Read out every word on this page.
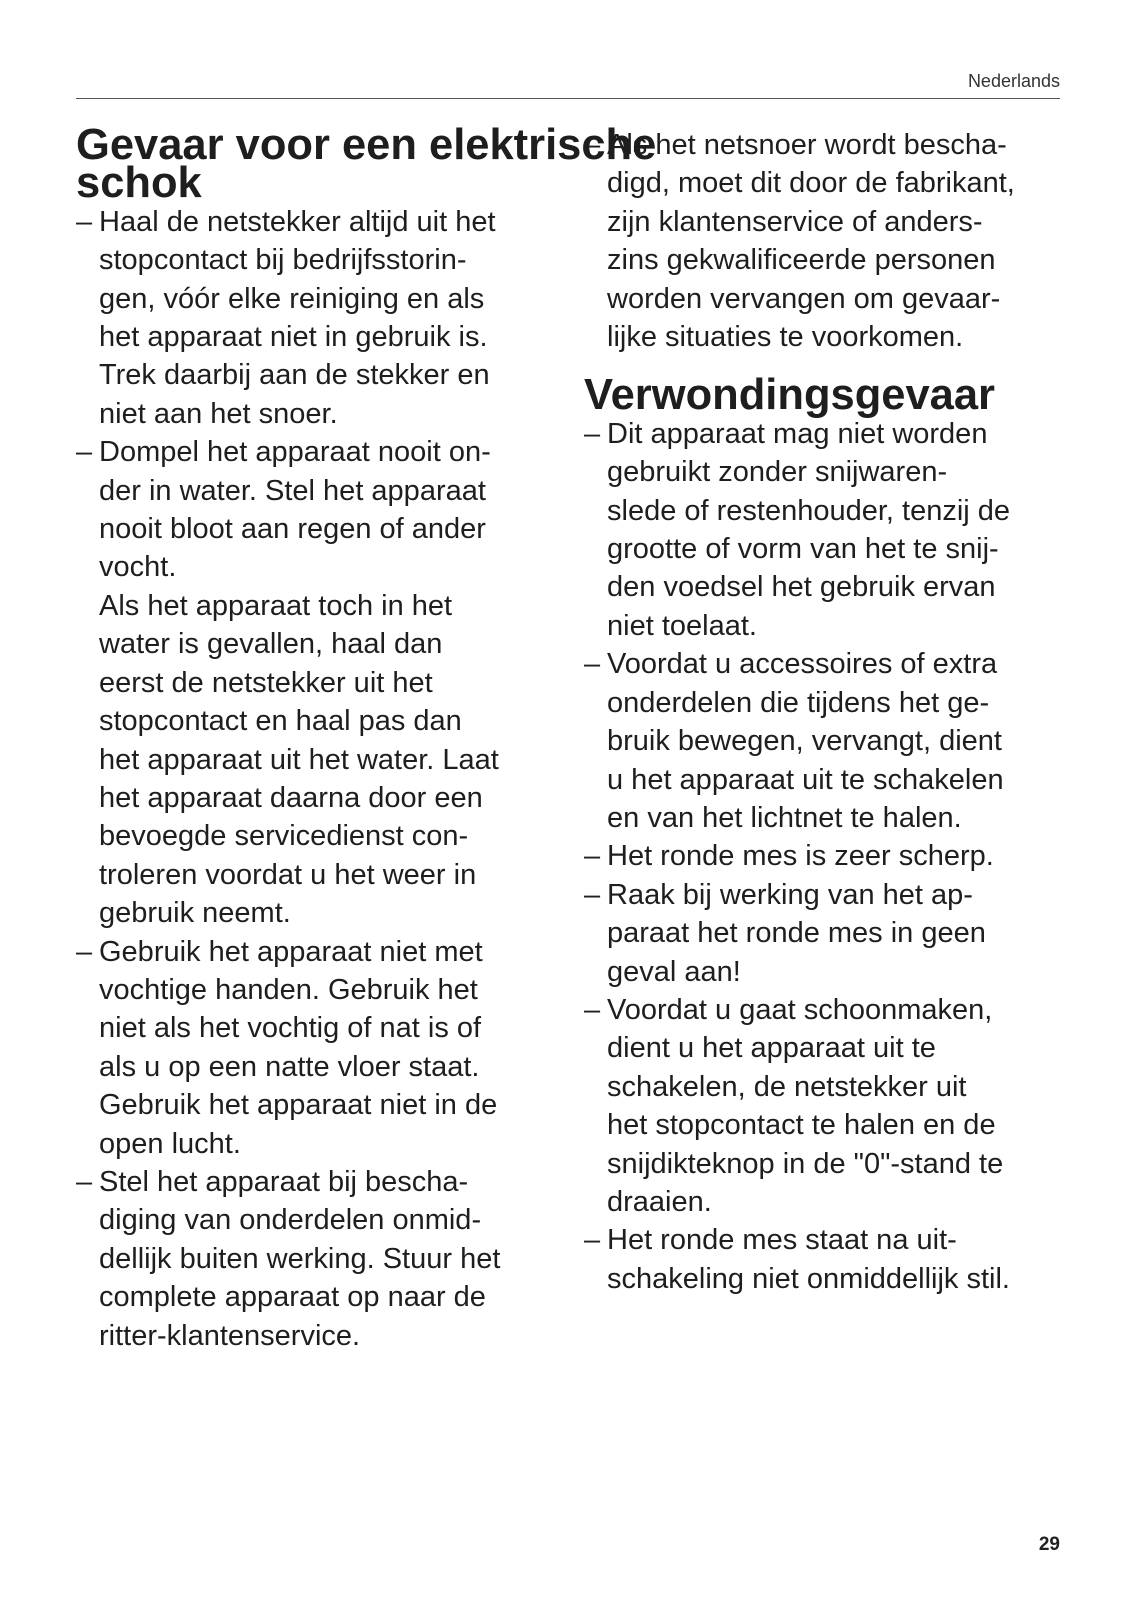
Nederlands
Gevaar voor een elektrische
schok
– Haal de netstekker altijd uit het
stopcontact bij bedrijfsstorin-
gen, vóór elke reiniging en als
het apparaat niet in gebruik is.
Trek daarbij aan de stekker en
niet aan het snoer.
– Dompel het apparaat nooit on-
der in water. Stel het apparaat
nooit bloot aan regen of ander
vocht.
Als het apparaat toch in het
water is gevallen, haal dan
eerst de netstekker uit het
stopcontact en haal pas dan
het apparaat uit het water. Laat
het apparaat daarna door een
bevoegde servicedienst con-
troleren voordat u het weer in
gebruik neemt.
– Gebruik het apparaat niet met
vochtige handen. Gebruik het
niet als het vochtig of nat is of
als u op een natte vloer staat.
Gebruik het apparaat niet in de
open lucht.
– Stel het apparaat bij bescha-
diging van onderdelen onmid-
dellijk buiten werking. Stuur het
complete apparaat op naar de
ritter-klantenservice.
– Als het netsnoer wordt bescha-
digd, moet dit door de fabrikant,
zijn klantenservice of anders-
zins gekwalificeerde personen
worden vervangen om gevaar-
lijke situaties te voorkomen.
Verwondingsgevaar
– Dit apparaat mag niet worden
gebruikt zonder snijwaren-
slede of restenhouder, tenzij de
grootte of vorm van het te snij-
den voedsel het gebruik ervan
niet toelaat.
– Voordat u accessoires of extra
onderdelen die tijdens het ge-
bruik bewegen, vervangt, dient
u het apparaat uit te schakelen
en van het lichtnet te halen.
– Het ronde mes is zeer scherp.
– Raak bij werking van het ap-
paraat het ronde mes in geen
geval aan!
– Voordat u gaat schoonmaken,
dient u het apparaat uit te
schakelen, de netstekker uit
het stopcontact te halen en de
snijdikteknop in de "0"-stand te
draaien.
– Het ronde mes staat na uit-
schakeling niet onmiddellijk stil.
29
